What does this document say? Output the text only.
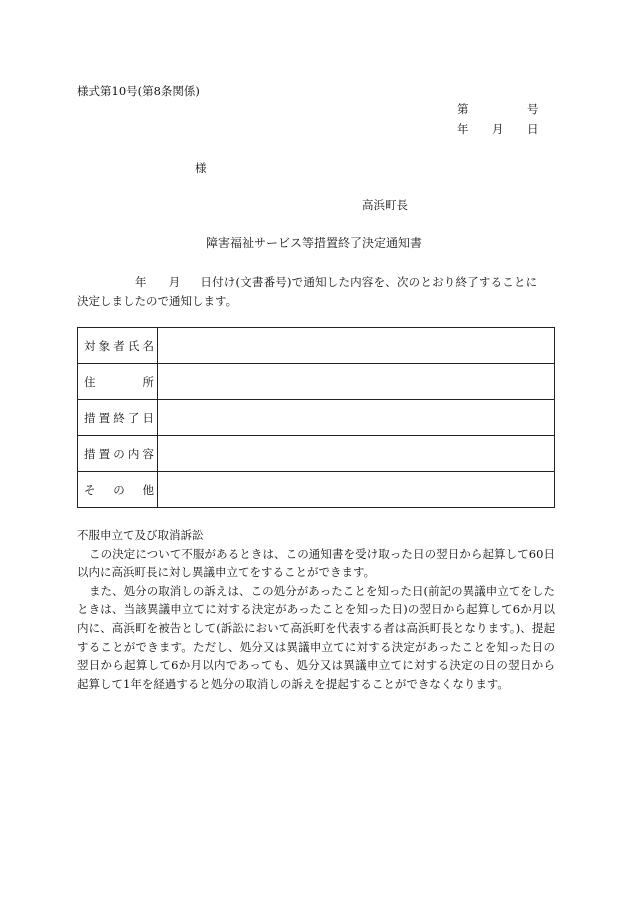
様式第10号(第8条関係)
第	号
年 月 日
様
高浜町長
障害福祉サービス等措置終了決定通知書
年 月 日付け(文書番号)で通知した内容を、次のとおり終了することに
決定しましたので通知します。
対 象 者 氏 名	

住 所	

措 置 終 了 日	

措 置 の 内 容	

そ の 他	

不服申立て及び取消訴訟
この決定について不服があるときは、この通知書を受け取った日の翌日から起算して60日以内に高浜町長に対し異議申立てをすることができます。
また、処分の取消しの訴えは、この処分があったことを知った日(前記の異議申立てをしたときは、当該異議申立てに対する決定があったことを知った日)の翌日から起算して6か月以内に、高浜町を被告として(訴訟において高浜町を代表する者は高浜町長となります。)、提起することができます。ただし、処分又は異議申立てに対する決定があったことを知った日の翌日から起算して6か月以内であっても、処分又は異議申立てに対する決定の日の翌日から起算して1年を経過すると処分の取消しの訴えを提起することができなくなります。
